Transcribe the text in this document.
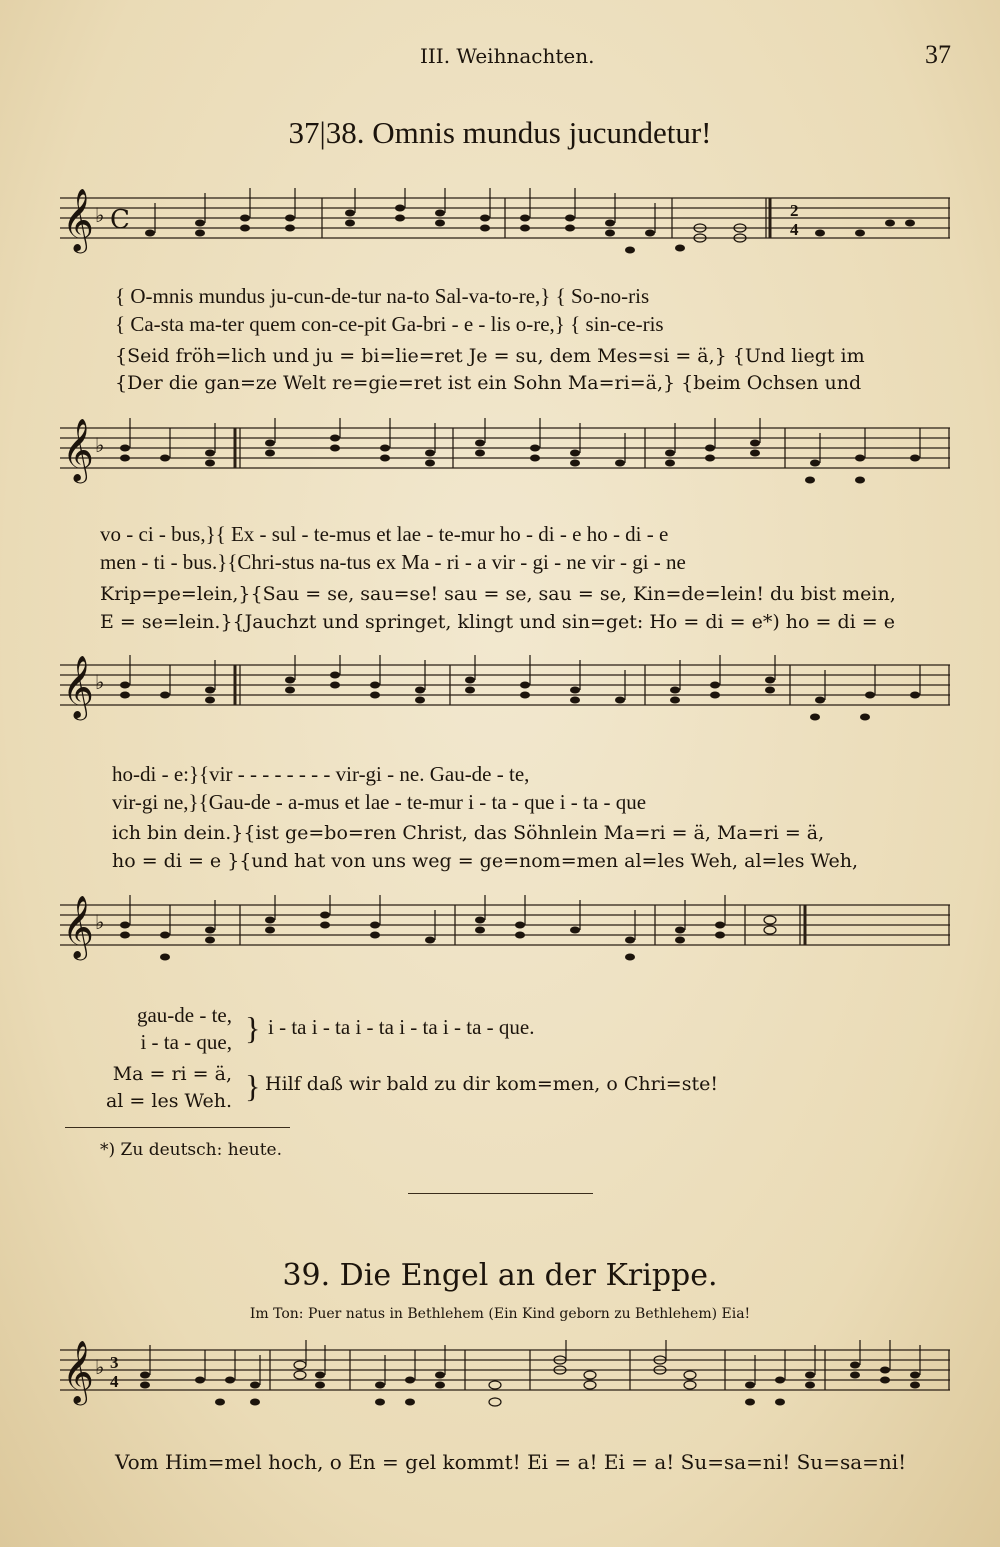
III. Weihnachten.	37
37|38. Omnis mundus jucundetur!
𝄞 ♭ C	2
4
{ O-mnis mundus ju-cun-de-tur na-to Sal-va-to-re,} { So-no-ris
{ Ca-sta ma-ter quem con-ce-pit Ga-bri - e - lis o-re,} { sin-ce-ris
{Seid fröh=lich und ju = bi=lie=ret Je = su, dem Mes=si = ä,} {Und liegt im
{Der die gan=ze Welt re=gie=ret ist ein Sohn Ma=ri=ä,} {beim Ochsen und
𝄞 ♭
vo - ci - bus,}{ Ex - sul - te-mus et lae - te-mur ho - di - e ho - di - e
men - ti - bus.}{Chri-stus na-tus ex Ma - ri - a vir - gi - ne vir - gi - ne
Krip=pe=lein,}{Sau = se, sau=se! sau = se, sau = se, Kin=de=lein! du bist mein,
E = se=lein.}{Jauchzt und springet, klingt und sin=get: Ho = di = e*) ho = di = e
𝄞 ♭
ho-di - e:}{vir - - - - - - - - vir-gi - ne. Gau-de - te,
vir-gi ne,}{Gau-de - a-mus et lae - te-mur i - ta - que i - ta - que
ich bin dein.}{ist ge=bo=ren Christ, das Söhnlein Ma=ri = ä, Ma=ri = ä,
ho = di = e }{und hat von uns weg = ge=nom=men al=les Weh, al=les Weh,
𝄞 ♭
gau-de - te,
i - ta - que, } i - ta i - ta i - ta i - ta i - ta - que.
Ma = ri = ä,
al = les Weh. } Hilf daß wir bald zu dir kom=men, o Chri=ste!
*) Zu deutsch: heute.
39. Die Engel an der Krippe.
Im Ton: Puer natus in Bethlehem (Ein Kind geborn zu Bethlehem) Eia!
𝄞 ♭ 3
4
Vom Him=mel hoch, o En = gel kommt! Ei = a! Ei = a! Su=sa=ni! Su=sa=ni!
